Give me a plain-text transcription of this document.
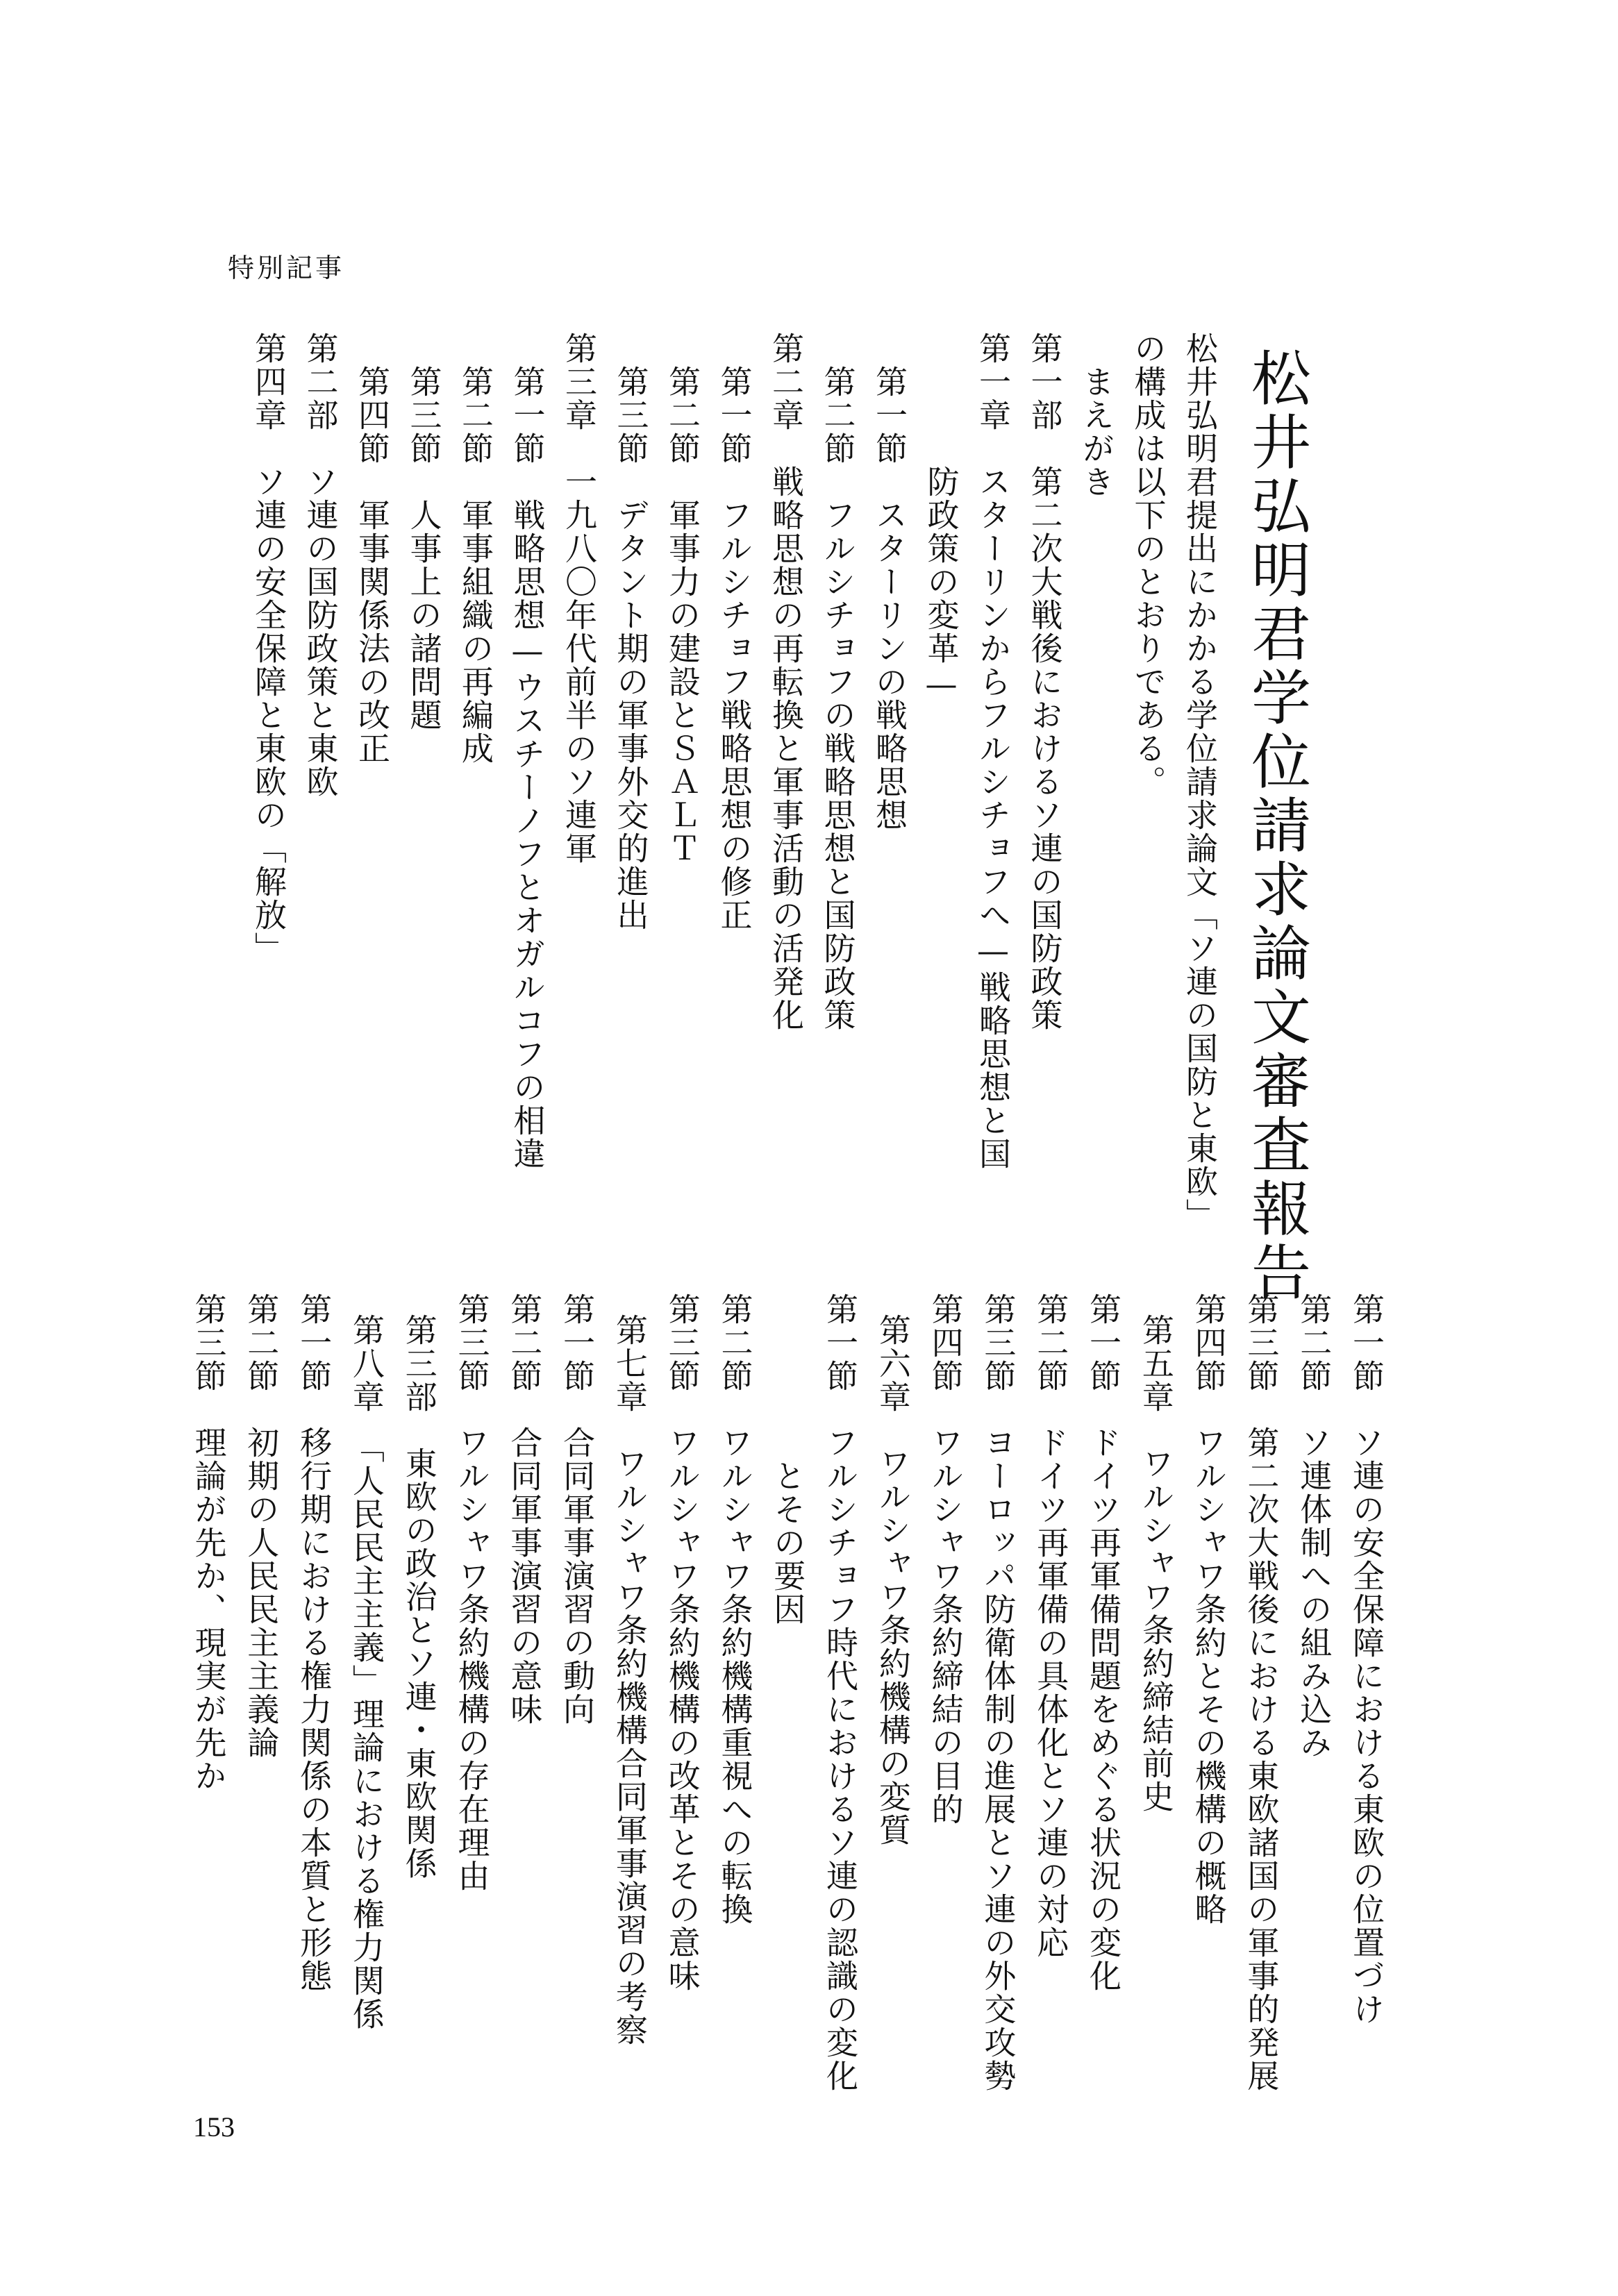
特別記事
松井弘明君学位請求論文審査報告
松井弘明君提出にかかる学位請求論文「ソ連の国防と東欧」
の構成は以下のとおりである。
まえがき
第一部　第二次大戦後におけるソ連の国防政策
第一章　スターリンからフルシチョフへ—戦略思想と国
防政策の変革—
第一節　スターリンの戦略思想
第二節　フルシチョフの戦略思想と国防政策
第二章　戦略思想の再転換と軍事活動の活発化
第一節　フルシチョフ戦略思想の修正
第二節　軍事力の建設とＳＡＬＴ
第三節　デタント期の軍事外交的進出
第三章　一九八〇年代前半のソ連軍
第一節　戦略思想—ウスチーノフとオガルコフの相違
第二節　軍事組織の再編成
第三節　人事上の諸問題
第四節　軍事関係法の改正
第二部　ソ連の国防政策と東欧
第四章　ソ連の安全保障と東欧の「解放」
第一節　ソ連の安全保障における東欧の位置づけ
第二節　ソ連体制への組み込み
第三節　第二次大戦後における東欧諸国の軍事的発展
第四節　ワルシャワ条約とその機構の概略
第五章　ワルシャワ条約締結前史
第一節　ドイツ再軍備問題をめぐる状況の変化
第二節　ドイツ再軍備の具体化とソ連の対応
第三節　ヨーロッパ防衛体制の進展とソ連の外交攻勢
第四節　ワルシャワ条約締結の目的
第六章　ワルシャワ条約機構の変質
第一節　フルシチョフ時代におけるソ連の認識の変化
とその要因
第二節　ワルシャワ条約機構重視への転換
第三節　ワルシャワ条約機構の改革とその意味
第七章　ワルシャワ条約機構合同軍事演習の考察
第一節　合同軍事演習の動向
第二節　合同軍事演習の意味
第三節　ワルシャワ条約機構の存在理由
第三部　東欧の政治とソ連・東欧関係
第八章　「人民民主主義」理論における権力関係
第一節　移行期における権力関係の本質と形態
第二節　初期の人民民主主義論
第三節　理論が先か、現実が先か
153
